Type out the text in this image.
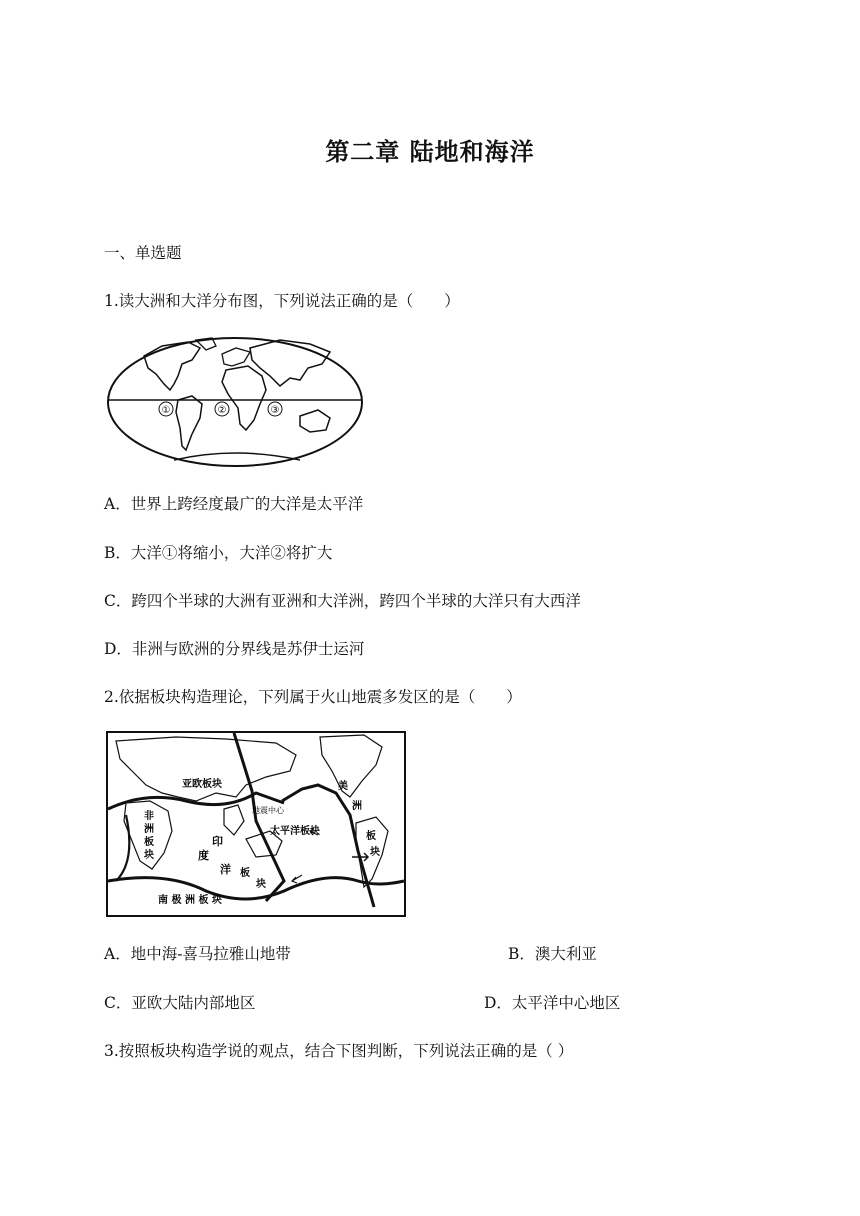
第二章 陆地和海洋
一、单选题
1.读大洲和大洋分布图，下列说法正确的是（　　）
①	②	③
A．世界上跨经度最广的大洋是太平洋
B．大洋①将缩小，大洋②将扩大
C．跨四个半球的大洲有亚洲和大洋洲，跨四个半球的大洋只有大西洋
D．非洲与欧洲的分界线是苏伊士运河
2.依据板块构造理论，下列属于火山地震多发区的是（　　）
亚欧板块
非
洲
板
块
印
度
洋 板
块
太平洋板块
地震中心
美
洲
板
块
南 极 洲 板 块
A．地中海-喜马拉雅山地带	B．澳大利亚
C．亚欧大陆内部地区	D．太平洋中心地区
3.按照板块构造学说的观点，结合下图判断，下列说法正确的是（ ）
